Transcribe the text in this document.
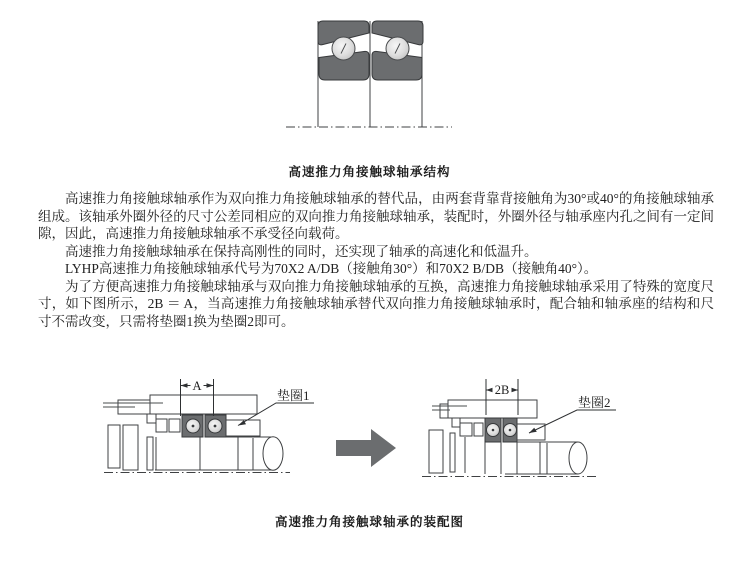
A
垫圈1	2B
垫圈2
高速推力角接触球轴承结构

高速推力角接触球轴承作为双向推力角接触球轴承的替代品，由两套背靠背接触角为30°或40°的角接触球轴承组成。该轴承外圈外径的尺寸公差同相应的双向推力角接触球轴承，装配时，外圈外径与轴承座内孔之间有一定间隙，因此，高速推力角接触球轴承不承受径向载荷。

高速推力角接触球轴承在保持高刚性的同时，还实现了轴承的高速化和低温升。

LYHP高速推力角接触球轴承代号为70X2 A/DB（接触角30°）和70X2 B/DB（接触角40°）。

为了方便高速推力角接触球轴承与双向推力角接触球轴承的互换，高速推力角接触球轴承采用了特殊的宽度尺寸，如下图所示，2B ＝ A，当高速推力角接触球轴承替代双向推力角接触球轴承时，配合轴和轴承座的结构和尺寸不需改变，只需将垫圈1换为垫圈2即可。

高速推力角接触球轴承的装配图
